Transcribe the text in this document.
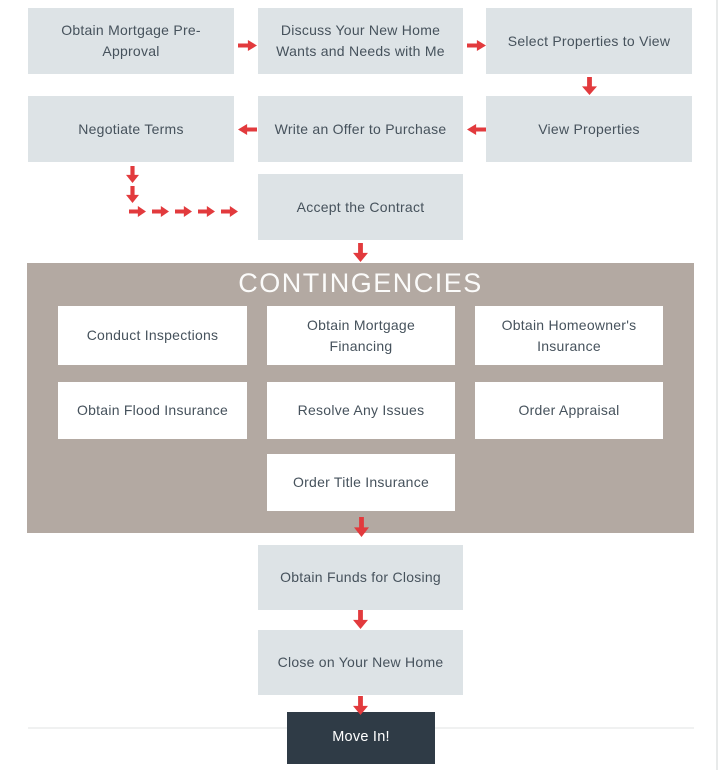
Obtain Mortgage Pre-Approval
Discuss Your New Home Wants and Needs with Me
Select Properties to View
Negotiate Terms	Write an Offer to Purchase	View Properties
Accept the Contract
CONTINGENCIES
Conduct Inspections
Obtain Mortgage Financing
Obtain Homeowner's Insurance
Obtain Flood Insurance	Resolve Any Issues	Order Appraisal
Order Title Insurance
Obtain Funds for Closing
Close on Your New Home
Move In!
